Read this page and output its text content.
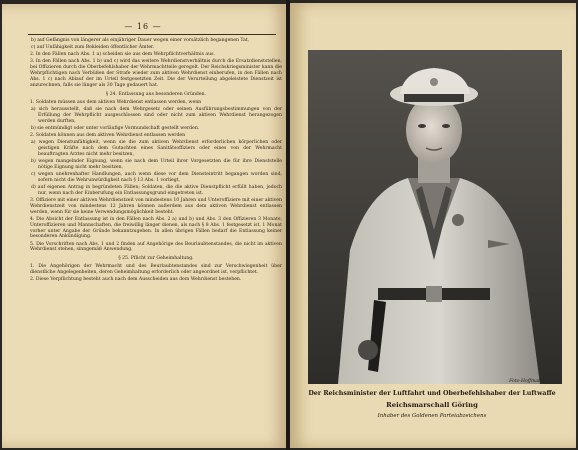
— 16 —

b) auf Gefängnis von längerer als einjähriger Dauer wegen einer vorsätzlich begangenen Tat,

c) auf Unfähigkeit zum Bekleiden öffentlicher Ämter.

2. In den Fällen nach Abs. 1 a) scheiden sie aus dem Wehrpflichtverhältnis aus.

3. In den Fällen nach Abs. 1 b) und c) wird das weitere Wehrdienstverhältnis durch die Ersatzdienststellen, bei Offizieren durch die Oberbefehlshaber der Wehrmachtteile geregelt. Der Reichskriegsminister kann die Wehrpflichtigen nach Verbüßen der Strafe wieder zum aktiven Wehrdienst einberufen, in den Fällen nach Abs. 1 c) nach Ablauf der im Urteil festgesetzten Zeit. Die der Verurteilung abgeleistete Dienstzeit ist anzurechnen, falls sie länger als 30 Tage gedauert hat.

§ 24. Entlassung aus besonderen Gründen.

1. Soldaten müssen aus dem aktiven Wehrdienst entlassen werden, wenn

a) sich herausstellt, daß sie nach dem Wehrgesetz oder seinen Ausführungsbestimmungen von der Erfüllung der Wehrpflicht ausgeschlossen sind oder nicht zum aktiven Wehrdienst herangezogen werden durften,

b) sie entmündigt oder unter vorläufige Vormundschaft gestellt werden.

2. Soldaten können aus dem aktiven Wehrdienst entlassen werden

a) wegen Dienstunfähigkeit, wenn sie die zum aktiven Wehrdienst erforderlichen körperlichen oder geistigen Kräfte nach dem Gutachten eines Sanitätsoffiziers oder eines von der Wehrmacht beauftragten Arztes nicht mehr besitzen,

b) wegen mangelnder Eignung, wenn sie nach dem Urteil ihrer Vorgesetzten die für ihre Dienststelle nötige Eignung nicht mehr besitzen,

c) wegen unehrenhafter Handlungen, auch wenn diese vor dem Diensteintritt begangen worden sind, sofern nicht die Wehrunwürdigkeit nach § 13 Abs. 1 vorliegt,

d) auf eigenen Antrag in begründeten Fällen; Soldaten, die die aktive Dienstpflicht erfüllt haben, jedoch nur, wenn nach der Einberufung ein Entlassungsgrund eingetreten ist.

3. Offiziere mit einer aktiven Wehrdienstzeit von mindestens 10 Jahren und Unteroffiziere mit einer aktiven Wehrdienstzeit von mindestens 12 Jahren können außerdem aus dem aktiven Wehrdienst entlassen werden, wenn für sie keine Verwendungsmöglichkeit besteht.

4. Die Absicht der Entlassung ist in den Fällen nach Abs. 2 a) und b) und Abs. 3 den Offizieren 3 Monate, Unteroffizieren und Mannschaften, die freiwillig länger dienen, als nach § 8 Abs. 1 festgesetzt ist, 1 Monat vorher unter Angabe der Gründe bekanntzugeben. In allen übrigen Fällen bedarf die Entlassung keiner besonderen Ankündigung.

5. Die Vorschriften nach Abs. 1 und 2 finden auf Angehörige des Beurlaubtenstandes, die nicht im aktiven Wehrdienst stehen, sinngemäß Anwendung.

§ 25. Pflicht zur Geheimhaltung.

1. Die Angehörigen der Wehrmacht und des Beurlaubtenstandes sind zur Verschwiegenheit über dienstliche Angelegenheiten, deren Geheimhaltung erforderlich oder angeordnet ist, verpflichtet.

2. Diese Verpflichtung besteht auch nach dem Ausscheiden aus dem Wehrdienst bestehen.

Foto-Hoffmann
Der Reichsminister der Luftfahrt und Oberbefehlshaber der Luftwaffe
Reichsmarschall Göring
Inhaber des Goldenen Parteiabzeichens
